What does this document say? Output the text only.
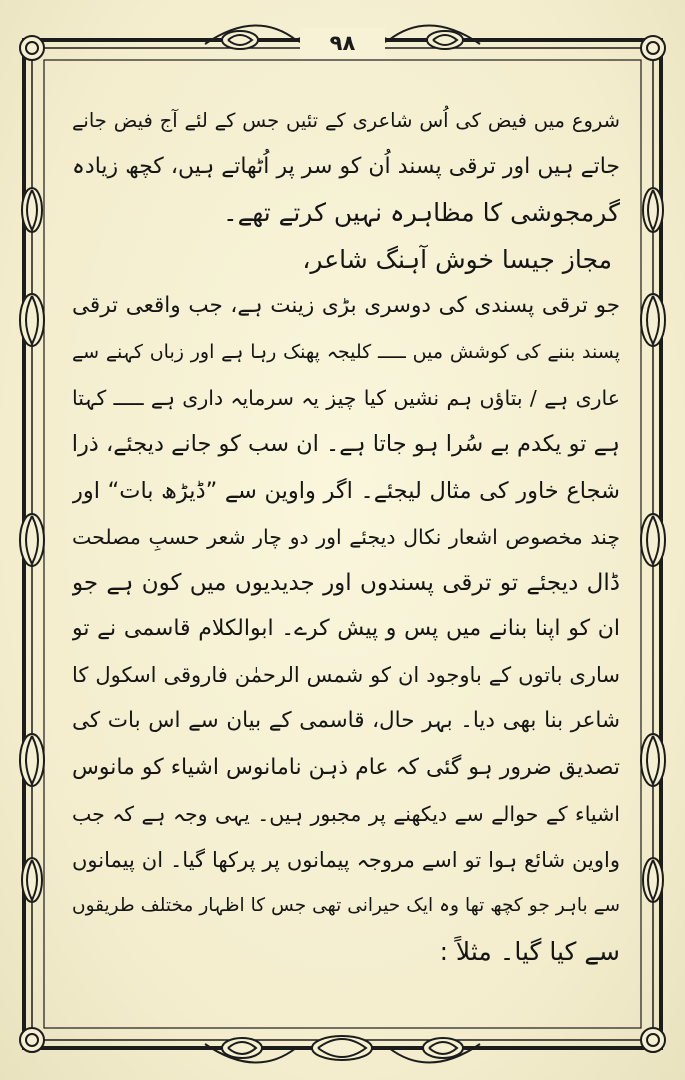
۹۸
شروع میں فیض کی اُس شاعری کے تئیں جس کے لئے آج فیض جانے
جاتے ہیں اور ترقی پسند اُن کو سر پر اُٹھاتے ہیں، کچھ زیادہ
گرمجوشی کا مظاہرہ نہیں کرتے تھے۔
مجاز جیسا خوش آہنگ شاعر،
جو ترقی پسندی کی دوسری بڑی زینت ہے، جب واقعی ترقی
پسند بننے کی کوشش میں ـــــ کلیجہ پھنک رہا ہے اور زباں کہنے سے
عاری ہے / بتاؤں ہم نشیں کیا چیز یہ سرمایہ داری ہے ـــــ کہتا
ہے تو یکدم بے سُرا ہو جاتا ہے۔ ان سب کو جانے دیجئے، ذرا
شجاع خاور کی مثال لیجئے۔ اگر واوین سے ”ڈیڑھ بات“ اور
چند مخصوص اشعار نکال دیجئے اور دو چار شعر حسبِ مصلحت
ڈال دیجئے تو ترقی پسندوں اور جدیدیوں میں کون ہے جو
ان کو اپنا بنانے میں پس و پیش کرے۔ ابوالکلام قاسمی نے تو
ساری باتوں کے باوجود ان کو شمس الرحمٰن فاروقی اسکول کا
شاعر بنا بھی دیا۔ بہر حال، قاسمی کے بیان سے اس بات کی
تصدیق ضرور ہو گئی کہ عام ذہن نامانوس اشیاء کو مانوس
اشیاء کے حوالے سے دیکھنے پر مجبور ہیں۔ یہی وجہ ہے کہ جب
واوین شائع ہوا تو اسے مروجہ پیمانوں پر پرکھا گیا۔ ان پیمانوں
سے باہر جو کچھ تھا وہ ایک حیرانی تھی جس کا اظہار مختلف طریقوں
سے کیا گیا۔ مثلاً :
